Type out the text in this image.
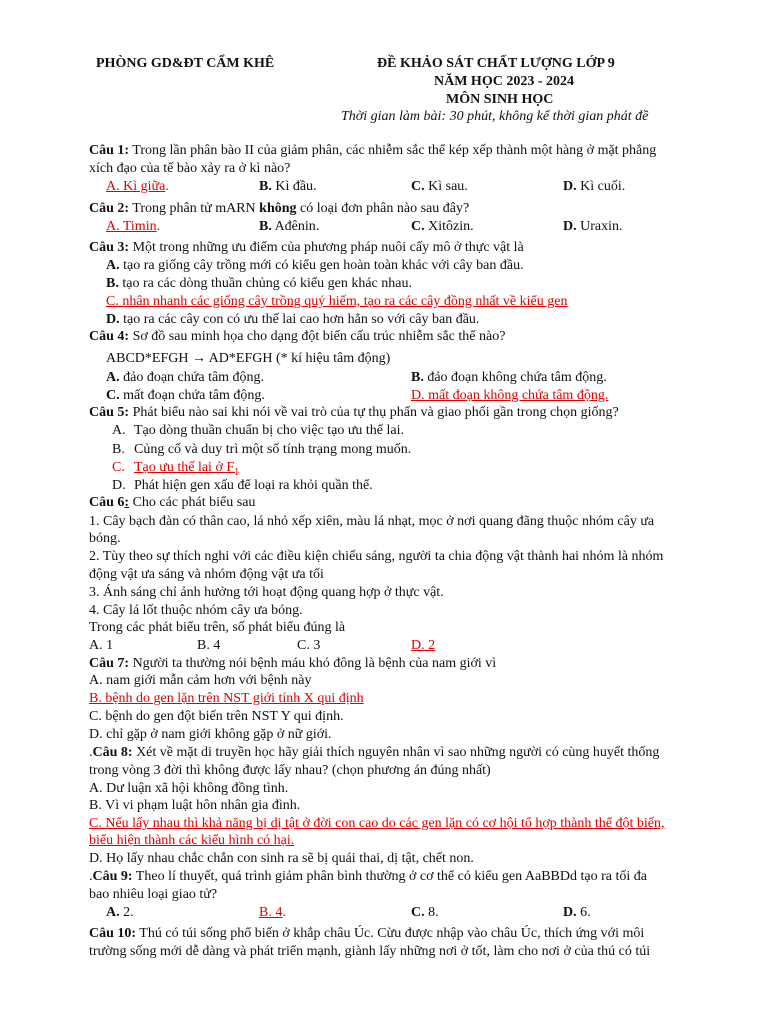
PHÒNG GD&ĐT CẨM KHÊ	ĐỀ KHẢO SÁT CHẤT LƯỢNG LỚP 9
NĂM HỌC 2023 - 2024
MÔN SINH HỌC
Thời gian làm bài: 30 phút, không kể thời gian phát đề
Câu 1: Trong lần phân bào II của giảm phân, các nhiễm sắc thể kép xếp thành một hàng ở mặt phẳng
xích đạo của tế bào xảy ra ở kì nào?
A. Kì giữa.	B. Kì đầu.	C. Kì sau.	D. Kì cuối.
Câu 2: Trong phân tử mARN không có loại đơn phân nào sau đây?
A. Timin.	B. Ađênin.	C. Xitôzin.	D. Uraxin.
Câu 3: Một trong những ưu điểm của phương pháp nuôi cấy mô ở thực vật là
A. tạo ra giống cây trồng mới có kiểu gen hoàn toàn khác với cây ban đầu.
B. tạo ra các dòng thuần chủng có kiểu gen khác nhau.
C. nhân nhanh các giống cây trồng quý hiếm, tạo ra các cây đồng nhất về kiểu gen
D. tạo ra các cây con có ưu thế lai cao hơn hẳn so với cây ban đầu.
Câu 4: Sơ đồ sau minh họa cho dạng đột biến cấu trúc nhiễm sắc thể nào?
ABCD*EFGH → AD*EFGH (* kí hiệu tâm động)
A. đảo đoạn chứa tâm động.	B. đảo đoạn không chứa tâm động.
C. mất đoạn chứa tâm động.	D. mất đoạn không chứa tâm động.
Câu 5: Phát biểu nào sai khi nói về vai trò của tự thụ phấn và giao phối gần trong chọn giống?
A. Tạo dòng thuần chuẩn bị cho việc tạo ưu thế lai.
B. Củng cố và duy trì một số tính trạng mong muốn.
C. Tạo ưu thế lai ở $F_1$
D. Phát hiện gen xấu để loại ra khỏi quần thể.
Câu 6: Cho các phát biểu sau
1. Cây bạch đàn có thân cao, lá nhỏ xếp xiên, màu lá nhạt, mọc ở nơi quang đãng thuộc nhóm cây ưa
bóng.
2. Tùy theo sự thích nghi với các điều kiện chiếu sáng, người ta chia động vật thành hai nhóm là nhóm
động vật ưa sáng và nhóm động vật ưa tối
3. Ánh sáng chỉ ảnh hưởng tới hoạt động quang hợp ở thực vật.
4. Cây lá lốt thuộc nhóm cây ưa bóng.
Trong các phát biểu trên, số phát biểu đúng là
A. 1	B. 4	C. 3	D. 2
Câu 7: Người ta thường nói bệnh máu khó đông là bệnh của nam giới vì
A. nam giới mẫn cảm hơn với bệnh này
B. bệnh do gen lặn trên NST giới tính X qui định
C. bệnh do gen đột biến trên NST Y qui định.
D. chỉ gặp ở nam giới không gặp ở nữ giới.
.Câu 8: Xét về mặt di truyền học hãy giải thích nguyên nhân vì sao những người có cùng huyết thống
trong vòng 3 đời thì không được lấy nhau? (chọn phương án đúng nhất)
A. Dư luận xã hội không đồng tình.
B. Vì vi phạm luật hôn nhân gia đình.
C. Nếu lấy nhau thì khả năng bị dị tật ở đời con cao do các gen lặn có cơ hội tổ hợp thành thể đột biến,
biểu hiện thành các kiểu hình có hại.
D. Họ lấy nhau chắc chắn con sinh ra sẽ bị quái thai, dị tật, chết non.
.Câu 9: Theo lí thuyết, quá trình giảm phân bình thường ở cơ thể có kiểu gen AaBBDd tạo ra tối đa
bao nhiêu loại giao tử?
A. 2.	B. 4.	C. 8.	D. 6.
Câu 10: Thú có túi sống phổ biến ở khắp châu Úc. Cừu được nhập vào châu Úc, thích ứng với môi
trường sống mới dễ dàng và phát triển mạnh, giành lấy những nơi ở tốt, làm cho nơi ở của thú có túi
